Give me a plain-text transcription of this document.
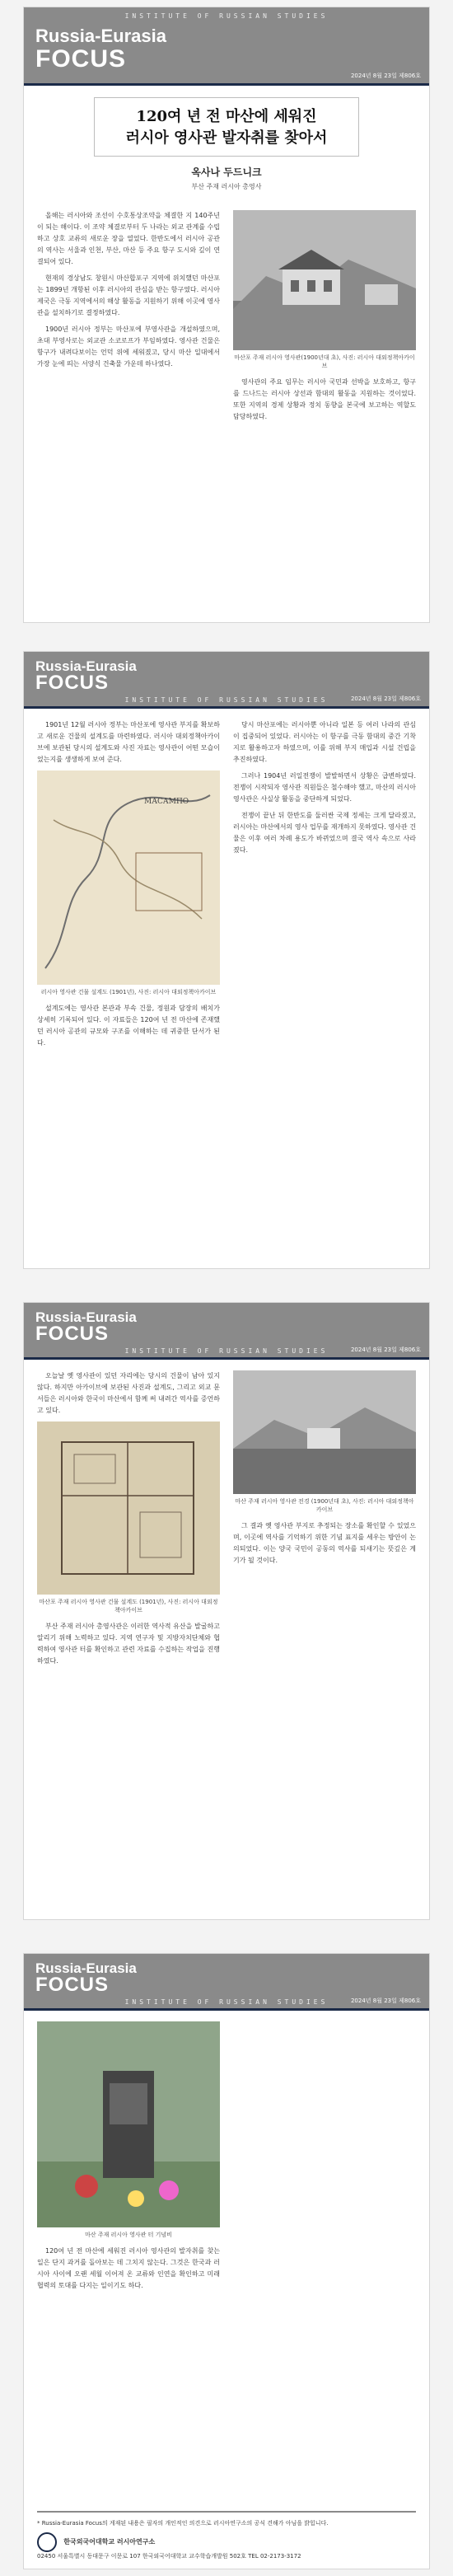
INSTITUTE OF RUSSIAN STUDIES
Russia-Eurasia
FOCUS
2024년 8월 23일 제806호
120여 년 전 마산에 세워진
러시아 영사관 발자취를 찾아서
옥사나 두드니크
부산 주재 러시아 총영사

올해는 러시아와 조선이 수호통상조약을 체결한 지 140주년이 되는 해이다. 이 조약 체결로부터 두 나라는 외교 관계를 수립하고 상호 교류의 새로운 장을 열었다. 한반도에서 러시아 공관의 역사는 서울과 인천, 부산, 마산 등 주요 항구 도시와 깊이 연결되어 있다.

현재의 경상남도 창원시 마산합포구 지역에 위치했던 마산포는 1899년 개항된 이후 러시아의 관심을 받는 항구였다. 러시아 제국은 극동 지역에서의 해상 활동을 지원하기 위해 이곳에 영사관을 설치하기로 결정하였다.

1900년 러시아 정부는 마산포에 부영사관을 개설하였으며, 초대 부영사로는 외교관 소코로프가 부임하였다. 영사관 건물은 항구가 내려다보이는 언덕 위에 세워졌고, 당시 마산 일대에서 가장 눈에 띄는 서양식 건축물 가운데 하나였다.

마산포 주재 러시아 영사관(1900년대 초), 사진: 러시아 대외정책아카이브

영사관의 주요 임무는 러시아 국민과 선박을 보호하고, 항구를 드나드는 러시아 상선과 함대의 활동을 지원하는 것이었다. 또한 지역의 경제 상황과 정치 동향을 본국에 보고하는 역할도 담당하였다.

Russia-Eurasia
FOCUS
INSTITUTE OF RUSSIAN STUDIES	2024년 8월 23일 제806호

1901년 12월 러시아 정부는 마산포에 영사관 부지를 확보하고 새로운 건물의 설계도를 마련하였다. 러시아 대외정책아카이브에 보관된 당시의 설계도와 사진 자료는 영사관이 어떤 모습이었는지를 생생하게 보여 준다.

МАСАМПО
러시아 영사관 건물 설계도 (1901년), 사진: 러시아 대외정책아카이브

설계도에는 영사관 본관과 부속 건물, 정원과 담장의 배치가 상세히 기록되어 있다. 이 자료들은 120여 년 전 마산에 존재했던 러시아 공관의 규모와 구조를 이해하는 데 귀중한 단서가 된다.

당시 마산포에는 러시아뿐 아니라 일본 등 여러 나라의 관심이 집중되어 있었다. 러시아는 이 항구를 극동 함대의 중간 기착지로 활용하고자 하였으며, 이를 위해 부지 매입과 시설 건립을 추진하였다.

그러나 1904년 러일전쟁이 발발하면서 상황은 급변하였다. 전쟁이 시작되자 영사관 직원들은 철수해야 했고, 마산의 러시아 영사관은 사실상 활동을 중단하게 되었다.

전쟁이 끝난 뒤 한반도를 둘러싼 국제 정세는 크게 달라졌고, 러시아는 마산에서의 영사 업무를 재개하지 못하였다. 영사관 건물은 이후 여러 차례 용도가 바뀌었으며 결국 역사 속으로 사라졌다.

Russia-Eurasia
FOCUS
INSTITUTE OF RUSSIAN STUDIES	2024년 8월 23일 제806호

오늘날 옛 영사관이 있던 자리에는 당시의 건물이 남아 있지 않다. 하지만 아카이브에 보관된 사진과 설계도, 그리고 외교 문서들은 러시아와 한국이 마산에서 함께 써 내려간 역사를 증언하고 있다.

마산포 주재 러시아 영사관 건물 설계도 (1901년), 사진: 러시아 대외정책아카이브

부산 주재 러시아 총영사관은 이러한 역사적 유산을 발굴하고 알리기 위해 노력하고 있다. 지역 연구자 및 지방자치단체와 협력하여 영사관 터를 확인하고 관련 자료를 수집하는 작업을 진행하였다.

마산 주재 러시아 영사관 전경 (1900년대 초), 사진: 러시아 대외정책아카이브

그 결과 옛 영사관 부지로 추정되는 장소를 확인할 수 있었으며, 이곳에 역사를 기억하기 위한 기념 표지를 세우는 방안이 논의되었다. 이는 양국 국민이 공동의 역사를 되새기는 뜻깊은 계기가 될 것이다.

Russia-Eurasia
FOCUS
INSTITUTE OF RUSSIAN STUDIES	2024년 8월 23일 제806호
마산 주재 러시아 영사관 터 기념비

120여 년 전 마산에 세워진 러시아 영사관의 발자취를 찾는 일은 단지 과거를 돌아보는 데 그치지 않는다. 그것은 한국과 러시아 사이에 오랜 세월 이어져 온 교류와 인연을 확인하고 미래 협력의 토대를 다지는 일이기도 하다.

* Russia-Eurasia Focus의 게재된 내용은 필자의 개인적인 의견으로 러시아연구소의 공식 견해가 아님을 밝힙니다.
한국외국어대학교 러시아연구소
02450 서울특별시 동대문구 이문로 107 한국외국어대학교 교수학습개발원 502호 TEL 02-2173-3172
